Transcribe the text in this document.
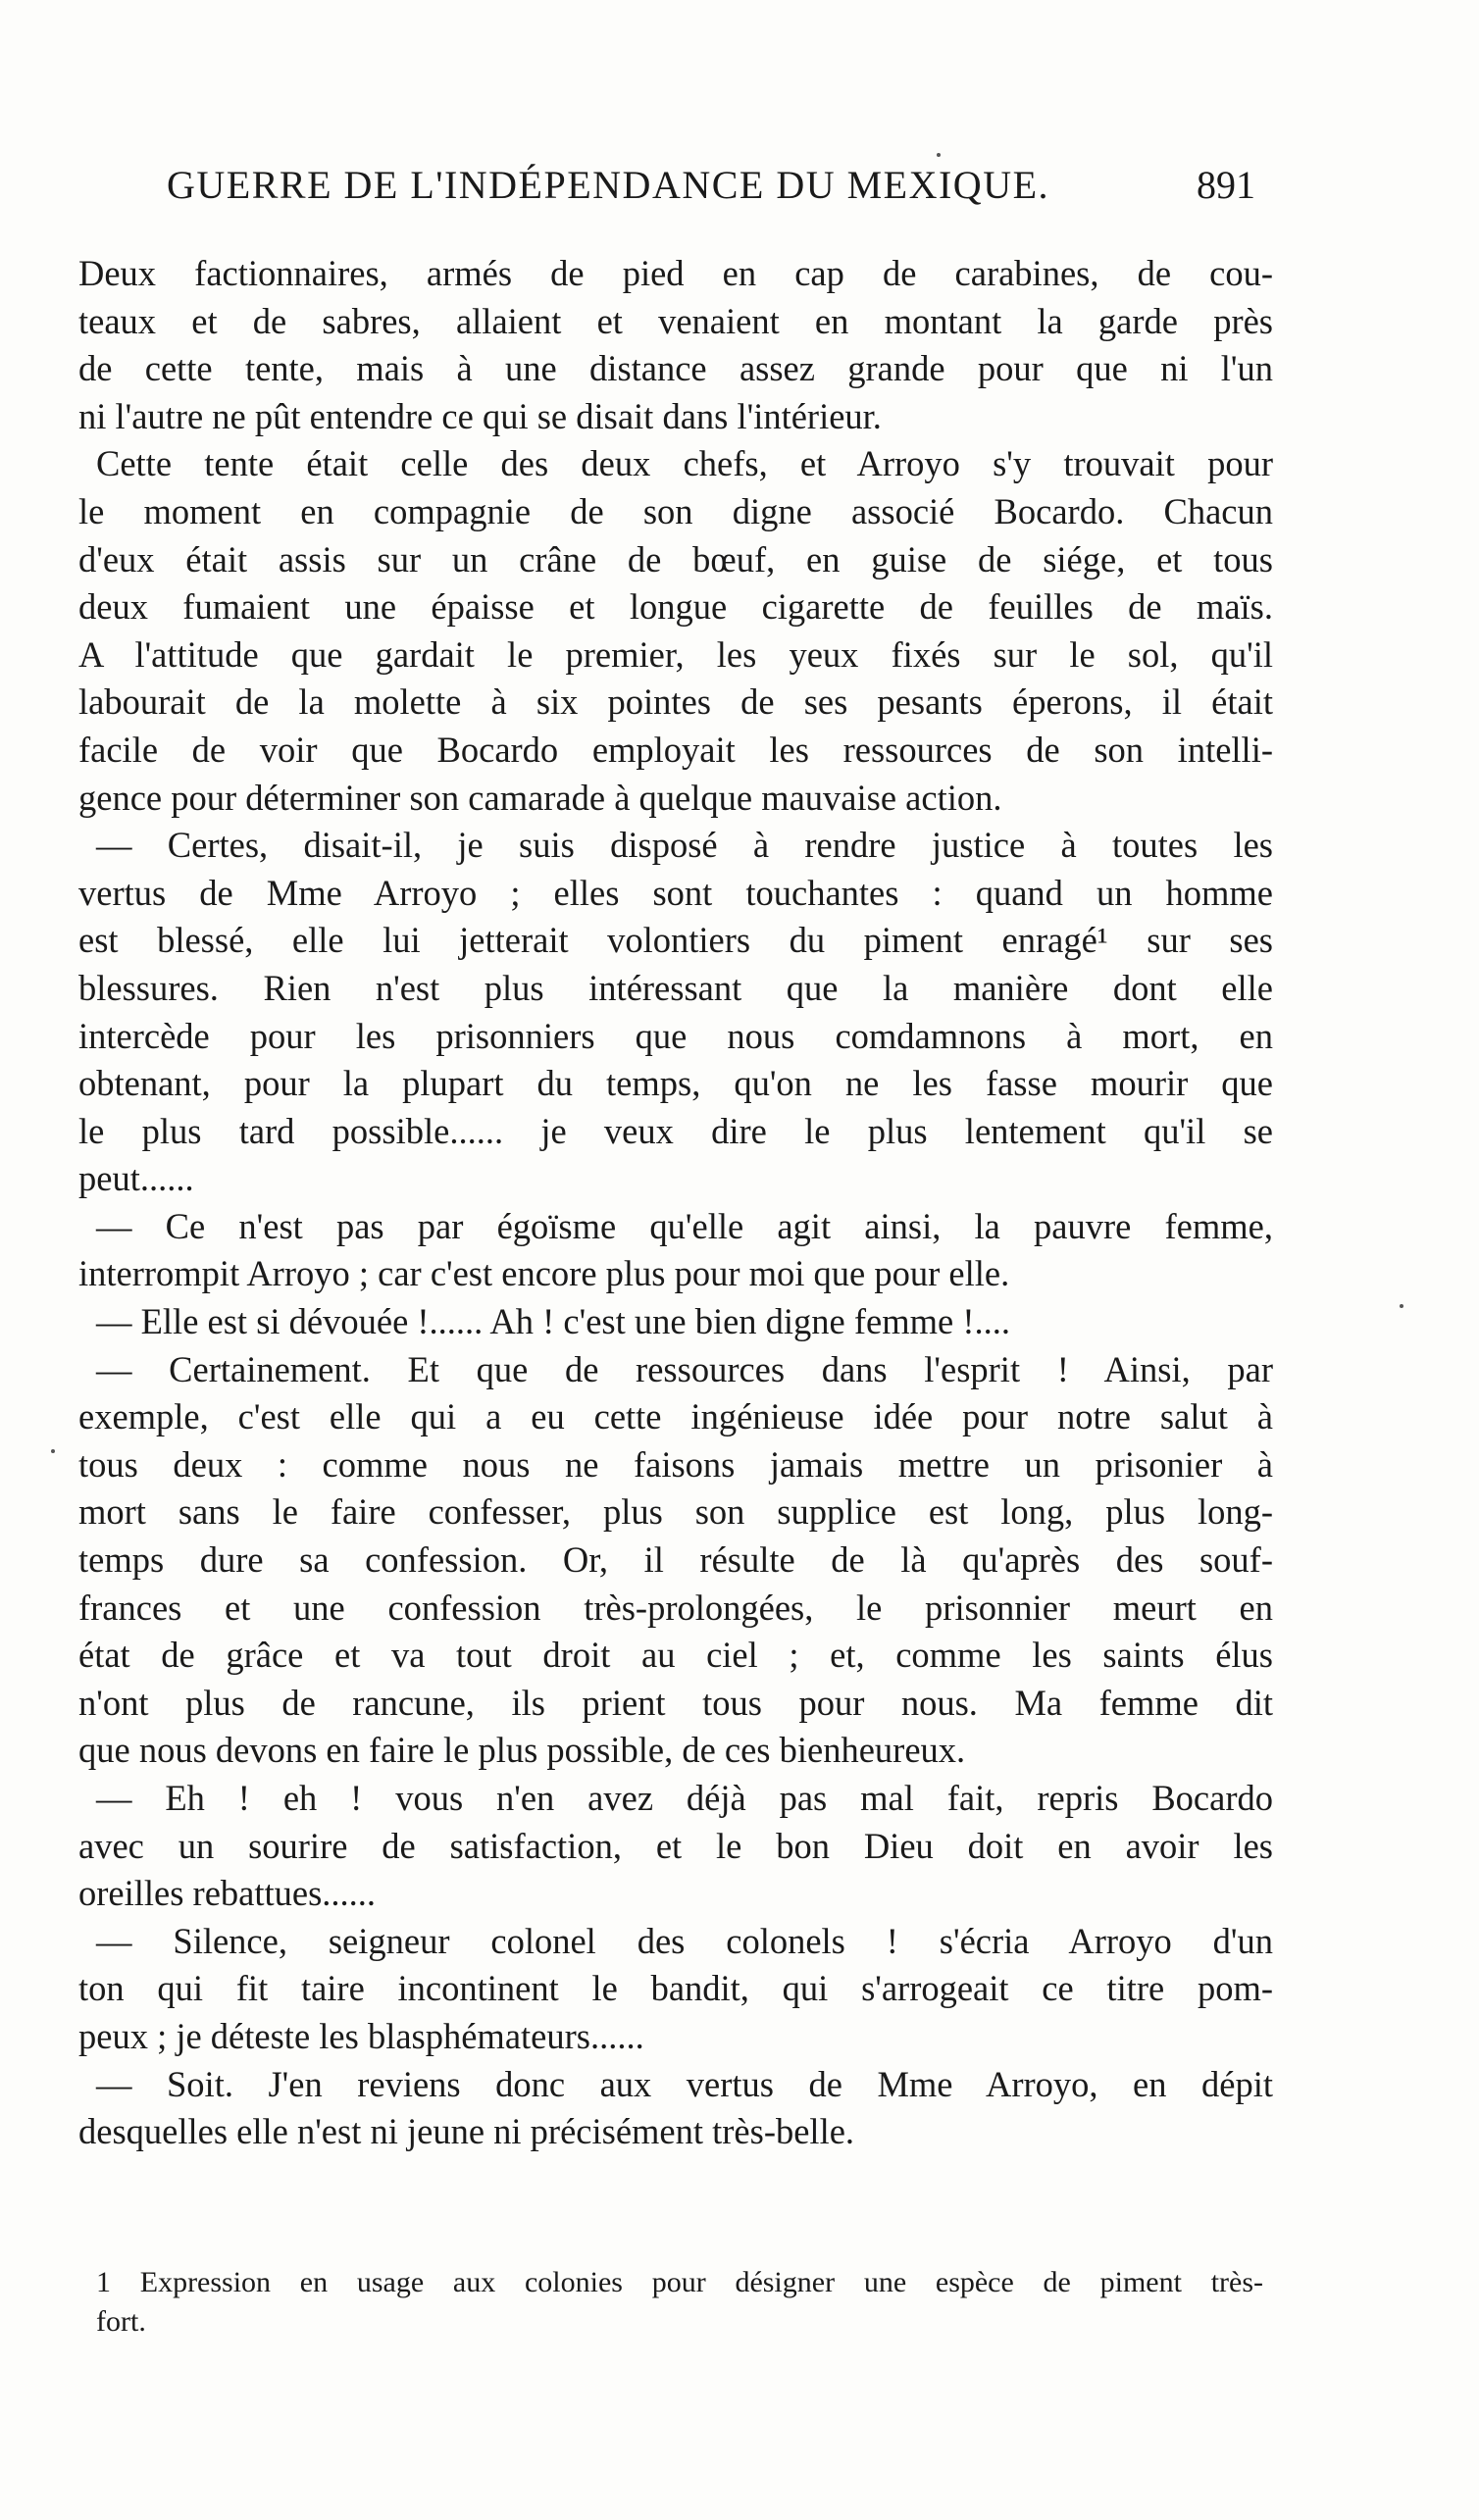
GUERRE DE L'INDÉPENDANCE DU MEXIQUE.	891
Deux factionnaires, armés de pied en cap de carabines, de cou-
teaux et de sabres, allaient et venaient en montant la garde près
de cette tente, mais à une distance assez grande pour que ni l'un
ni l'autre ne pût entendre ce qui se disait dans l'intérieur.
Cette tente était celle des deux chefs, et Arroyo s'y trouvait pour
le moment en compagnie de son digne associé Bocardo. Chacun
d'eux était assis sur un crâne de bœuf, en guise de siége, et tous
deux fumaient une épaisse et longue cigarette de feuilles de maïs.
A l'attitude que gardait le premier, les yeux fixés sur le sol, qu'il
labourait de la molette à six pointes de ses pesants éperons, il était
facile de voir que Bocardo employait les ressources de son intelli-
gence pour déterminer son camarade à quelque mauvaise action.
— Certes, disait-il, je suis disposé à rendre justice à toutes les
vertus de Mme Arroyo ; elles sont touchantes : quand un homme
est blessé, elle lui jetterait volontiers du piment enragé¹ sur ses
blessures. Rien n'est plus intéressant que la manière dont elle
intercède pour les prisonniers que nous comdamnons à mort, en
obtenant, pour la plupart du temps, qu'on ne les fasse mourir que
le plus tard possible...... je veux dire le plus lentement qu'il se
peut......
— Ce n'est pas par égoïsme qu'elle agit ainsi, la pauvre femme,
interrompit Arroyo ; car c'est encore plus pour moi que pour elle.
— Elle est si dévouée !...... Ah ! c'est une bien digne femme !....
— Certainement. Et que de ressources dans l'esprit ! Ainsi, par
exemple, c'est elle qui a eu cette ingénieuse idée pour notre salut à
tous deux : comme nous ne faisons jamais mettre un prisonier à
mort sans le faire confesser, plus son supplice est long, plus long-
temps dure sa confession. Or, il résulte de là qu'après des souf-
frances et une confession très-prolongées, le prisonnier meurt en
état de grâce et va tout droit au ciel ; et, comme les saints élus
n'ont plus de rancune, ils prient tous pour nous. Ma femme dit
que nous devons en faire le plus possible, de ces bienheureux.
— Eh ! eh ! vous n'en avez déjà pas mal fait, repris Bocardo
avec un sourire de satisfaction, et le bon Dieu doit en avoir les
oreilles rebattues......
— Silence, seigneur colonel des colonels ! s'écria Arroyo d'un
ton qui fit taire incontinent le bandit, qui s'arrogeait ce titre pom-
peux ; je déteste les blasphémateurs......
— Soit. J'en reviens donc aux vertus de Mme Arroyo, en dépit
desquelles elle n'est ni jeune ni précisément très-belle.
1 Expression en usage aux colonies pour désigner une espèce de piment très-
fort.
